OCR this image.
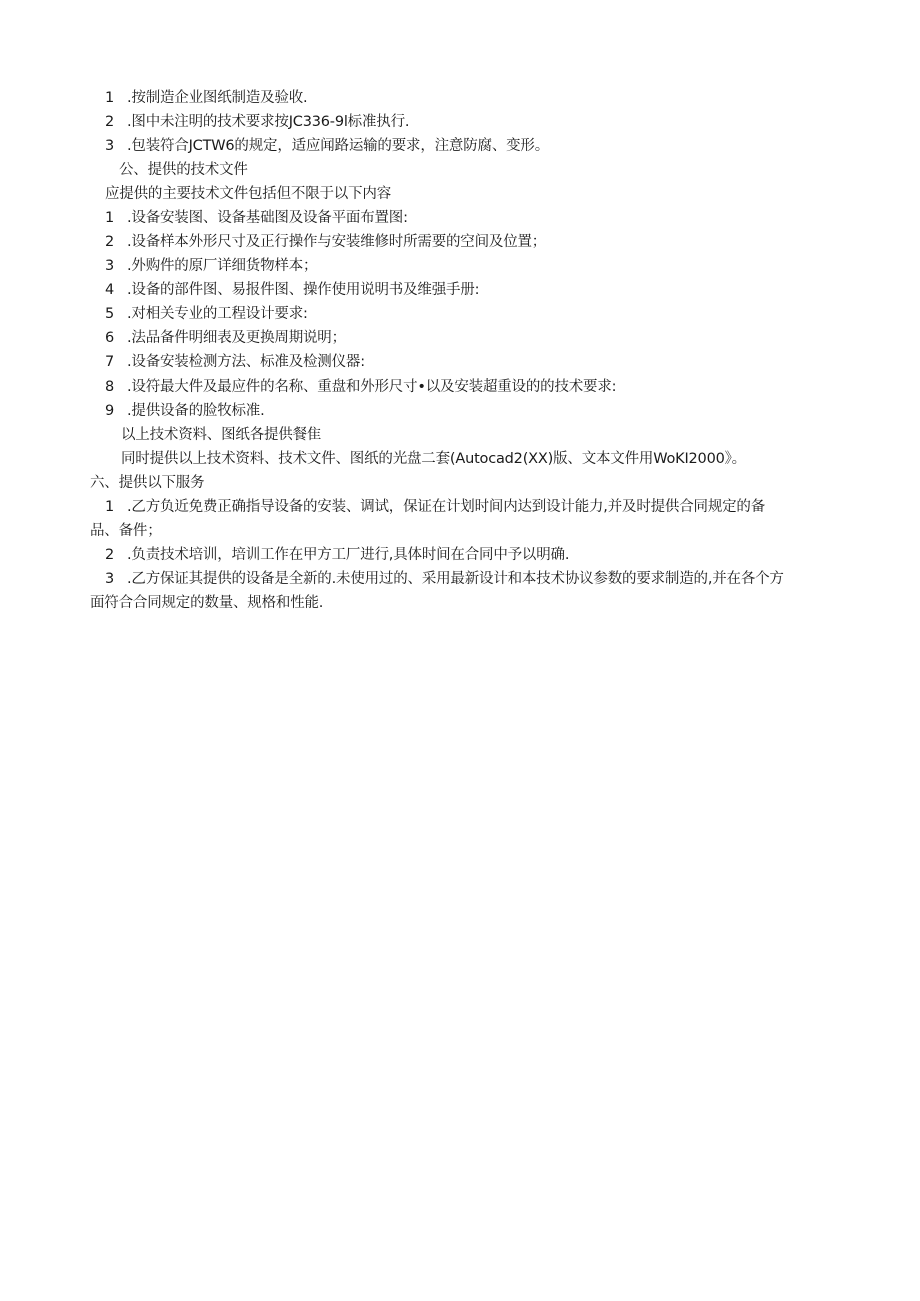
1 .按制造企业图纸制造及验收.
2 .图中未注明的技术要求按JC336-9l标准执行.
3 .包装符合JCTW6的规定，适应闻路运输的要求，注意防腐、变形。
公、提供的技术文件
应提供的主要技术文件包括但不限于以下内容
1 .设备安装图、设备基础图及设备平面布置图:
2 .设备样本外形尺寸及正行操作与安装维修时所需要的空间及位置；
3 .外购件的原厂详细货物样本；
4 .设备的部件图、易报件图、操作使用说明书及维强手册:
5 .对相关专业的工程设计要求:
6 .法品备件明细表及更换周期说明；
7 .设备安装检测方法、标准及检测仪器:
8 .设符最大件及最应件的名称、重盘和外形尺寸•以及安装超重设的的技术要求:
9 .提供设备的脸牧标准.
以上技术资料、图纸各提供餐隹
同时提供以上技术资料、技术文件、图纸的光盘二套(Autocad2(XX)版、文本文件用WoKI2000》。
六、提供以下服务
1 .乙方负近免费正确指导设备的安装、调试，保证在计划时间内达到设计能力,并及时提供合同规定的备
品、备件；
2 .负责技术培训，培训工作在甲方工厂进行,具体时间在合同中予以明确.
3 .乙方保证其提供的设备是全新的.未使用过的、采用最新设计和本技术协议参数的要求制造的,并在各个方
面符合合同规定的数量、规格和性能.
